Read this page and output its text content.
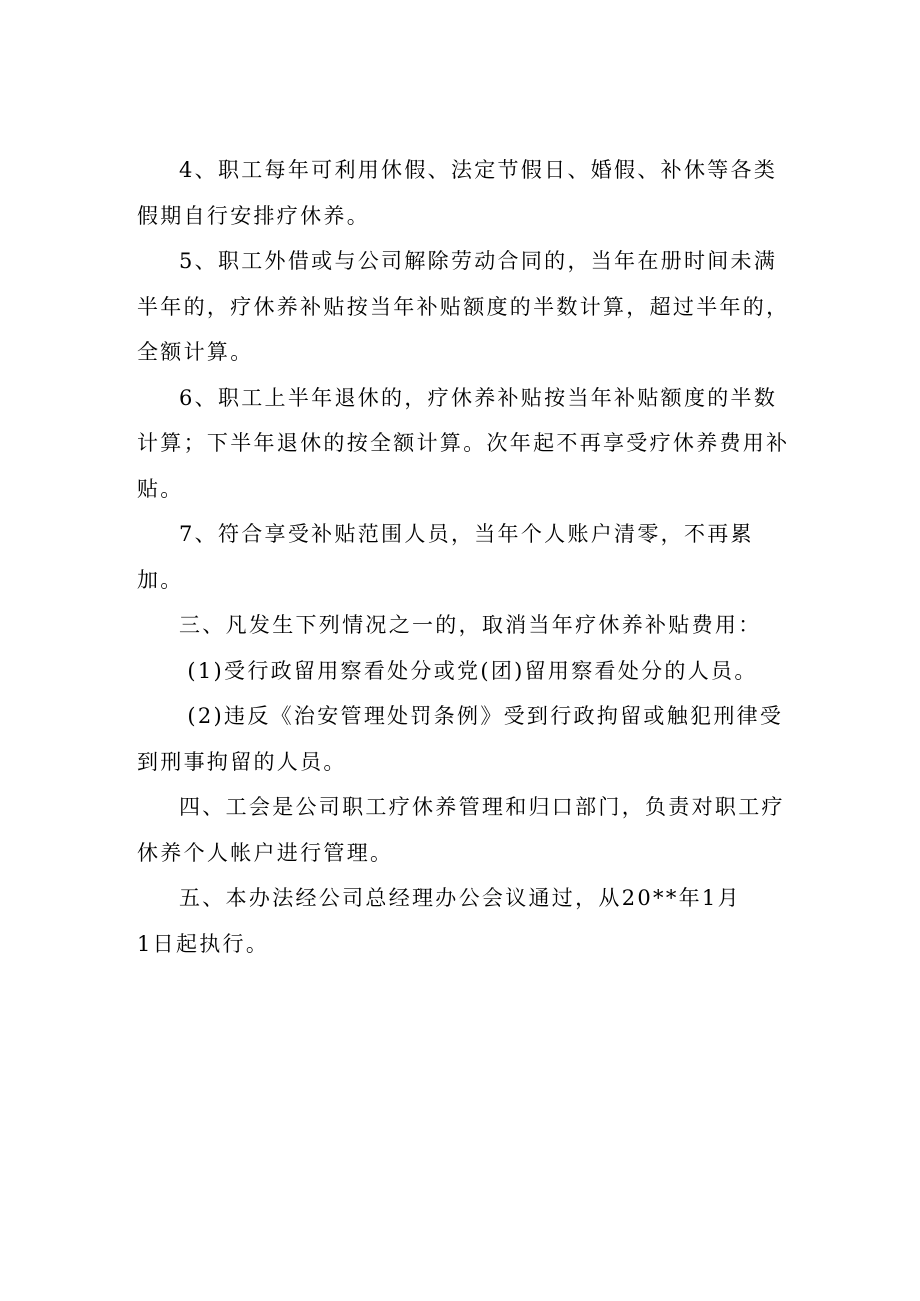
4、职工每年可利用休假、法定节假日、婚假、补休等各类假期自行安排疗休养。

5、职工外借或与公司解除劳动合同的，当年在册时间未满半年的，疗休养补贴按当年补贴额度的半数计算，超过半年的，全额计算。

6、职工上半年退休的，疗休养补贴按当年补贴额度的半数计算；下半年退休的按全额计算。次年起不再享受疗休养费用补贴。

7、符合享受补贴范围人员，当年个人账户清零，不再累加。

三、凡发生下列情况之一的，取消当年疗休养补贴费用：

(1)受行政留用察看处分或党(团)留用察看处分的人员。

(2)违反《治安管理处罚条例》受到行政拘留或触犯刑律受到刑事拘留的人员。

四、工会是公司职工疗休养管理和归口部门，负责对职工疗休养个人帐户进行管理。

五、本办法经公司总经理办公会议通过，从20**年1月
1日起执行。
